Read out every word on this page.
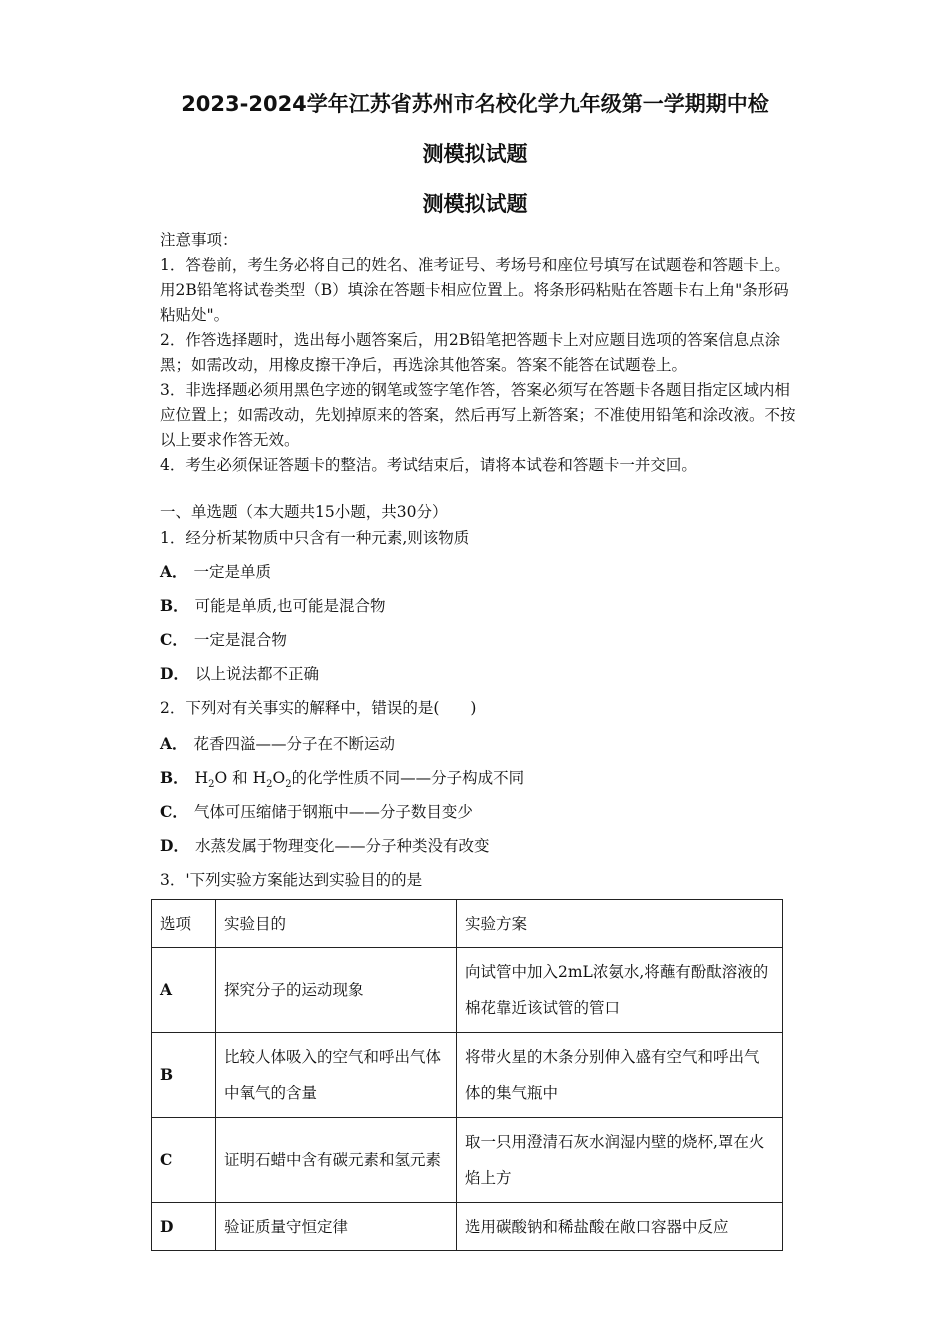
2023-2024学年江苏省苏州市名校化学九年级第一学期期中检
测模拟试题
测模拟试题

注意事项：

1．答卷前，考生务必将自己的姓名、准考证号、考场号和座位号填写在试题卷和答题卡上。用2B铅笔将试卷类型（B）填涂在答题卡相应位置上。将条形码粘贴在答题卡右上角"条形码粘贴处"。

2．作答选择题时，选出每小题答案后，用2B铅笔把答题卡上对应题目选项的答案信息点涂黑；如需改动，用橡皮擦干净后，再选涂其他答案。答案不能答在试题卷上。

3．非选择题必须用黑色字迹的钢笔或签字笔作答，答案必须写在答题卡各题目指定区域内相应位置上；如需改动，先划掉原来的答案，然后再写上新答案；不准使用铅笔和涂改液。不按以上要求作答无效。

4．考生必须保证答题卡的整洁。考试结束后，请将本试卷和答题卡一并交回。

一、单选题（本大题共15小题，共30分）

1．经分析某物质中只含有一种元素,则该物质

A． 一定是单质

B． 可能是单质,也可能是混合物

C． 一定是混合物

D． 以上说法都不正确

2．下列对有关事实的解释中，错误的是(　　)

A． 花香四溢——分子在不断运动

B． $H_2O$ 和 $H_2O_2$的化学性质不同——分子构成不同

C． 气体可压缩储于钢瓶中——分子数目变少

D． 水蒸发属于物理变化——分子种类没有改变

3．'下列实验方案能达到实验目的的是

选项	实验目的	实验方案
A	探究分子的运动现象	向试管中加入2mL浓氨水,将蘸有酚酞溶液的棉花靠近该试管的管口
B	比较人体吸入的空气和呼出气体中氧气的含量	将带火星的木条分别伸入盛有空气和呼出气体的集气瓶中
C	证明石蜡中含有碳元素和氢元素	取一只用澄清石灰水润湿内壁的烧杯,罩在火焰上方
D	验证质量守恒定律	选用碳酸钠和稀盐酸在敞口容器中反应
